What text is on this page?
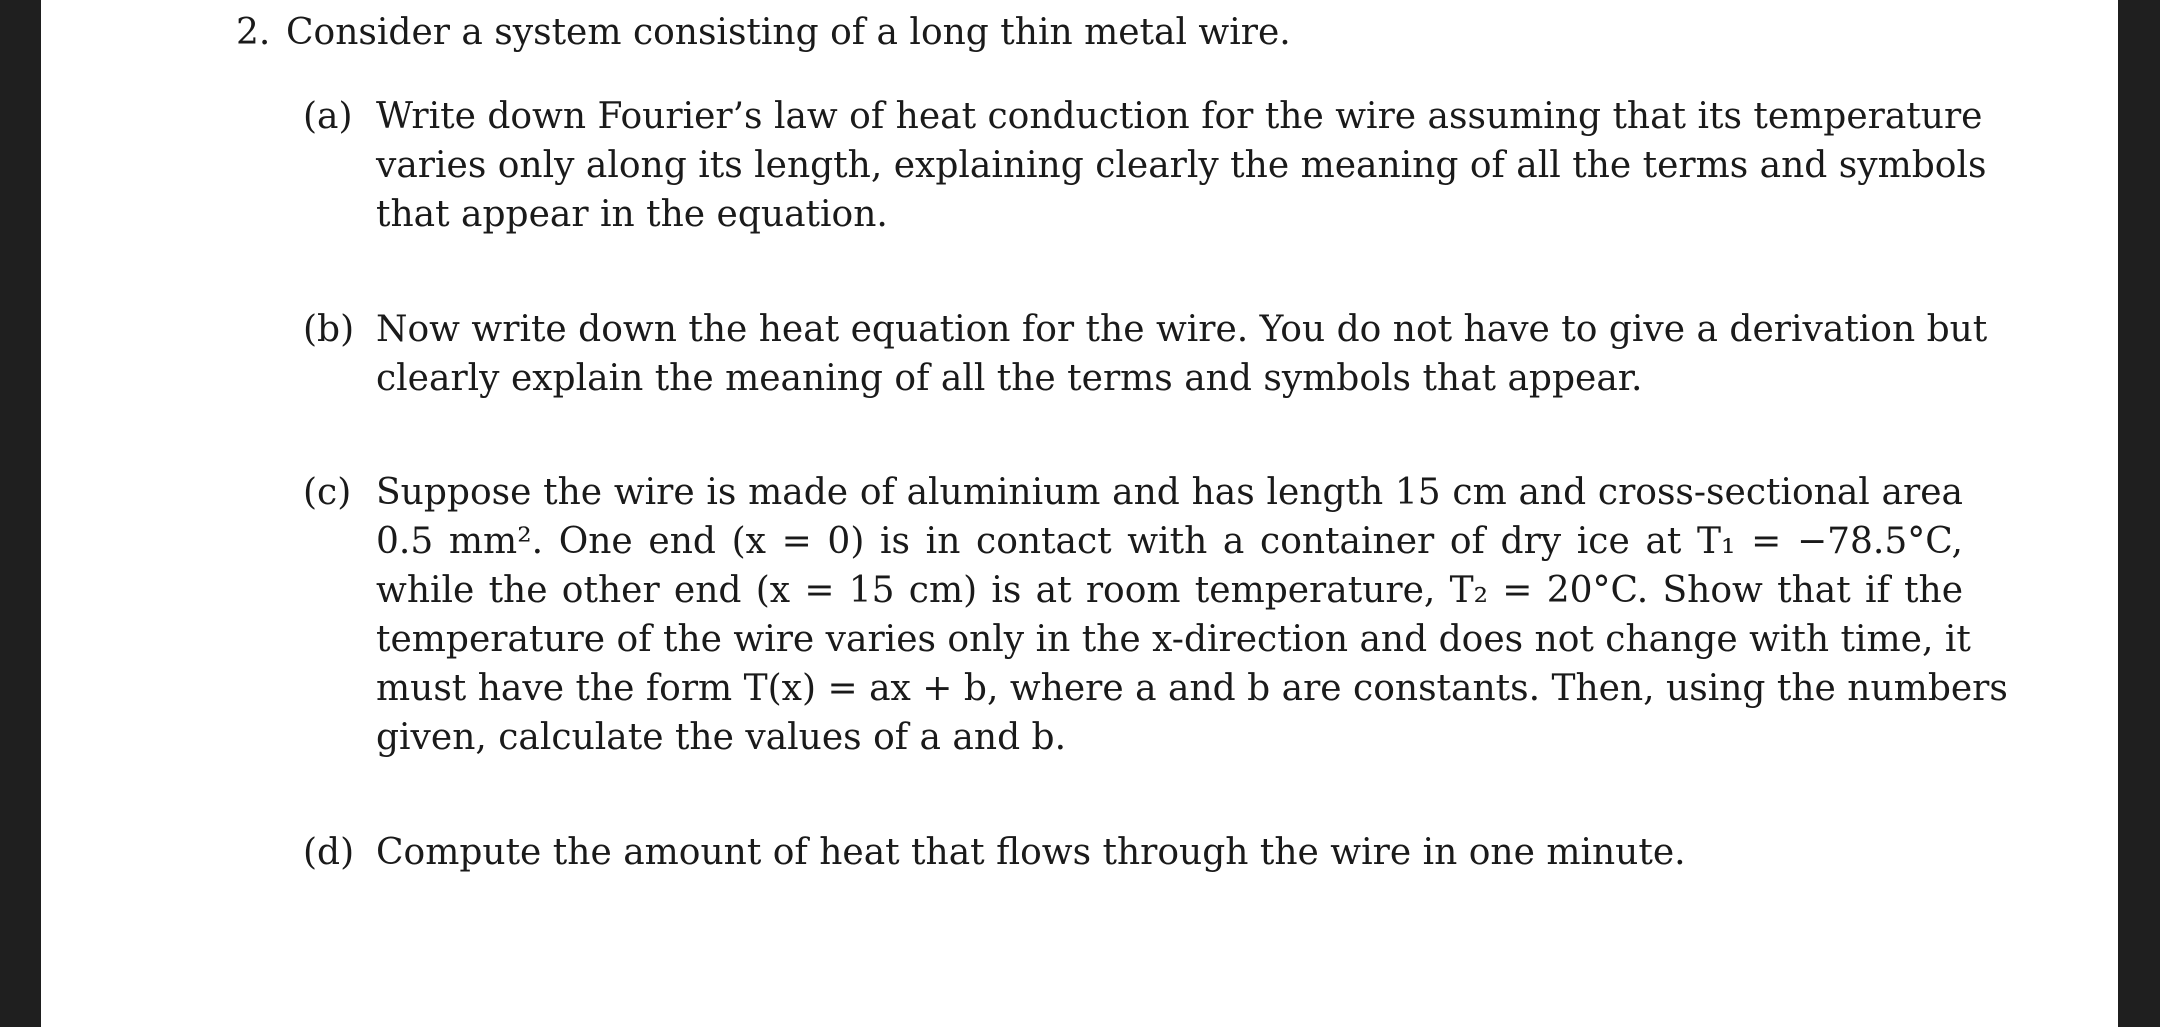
2. Consider a system consisting of a long thin metal wire.
(a) Write down Fourier’s law of heat conduction for the wire assuming that its temperature
varies only along its length, explaining clearly the meaning of all the terms and symbols
that appear in the equation.
(b) Now write down the heat equation for the wire. You do not have to give a derivation but
clearly explain the meaning of all the terms and symbols that appear.
(c) Suppose the wire is made of aluminium and has length 15 cm and cross-sectional area
0.5 mm². One end (x = 0) is in contact with a container of dry ice at T₁ = −78.5°C,
while the other end (x = 15 cm) is at room temperature, T₂ = 20°C. Show that if the
temperature of the wire varies only in the x-direction and does not change with time, it
must have the form T(x) = ax + b, where a and b are constants. Then, using the numbers
given, calculate the values of a and b.
(d) Compute the amount of heat that flows through the wire in one minute.
